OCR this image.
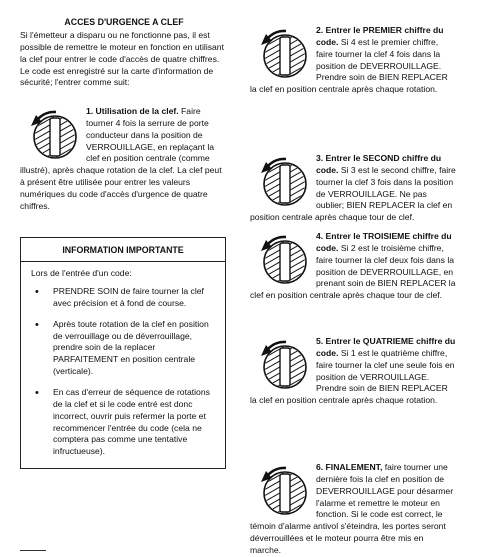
ACCES D'URGENCE A CLEF

Si l'émetteur a disparu ou ne fonctionne pas, il est possible de remettre le moteur en fonction en utilisant la clef pour entrer le code d'accès de quatre chiffres. Le code est enregistré sur la carte d'information de sécurité; l'entrer comme suit:

1. Utilisation de la clef. Faire tourner 4 fois la serrure de porte conducteur dans la position de VERROUILLAGE, en replaçant la clef en position centrale (comme illustré), après chaque rotation de la clef. La clef peut à présent être utilisée pour entrer les valeurs numériques du code d'accès d'urgence de quatre chiffres.

INFORMATION IMPORTANTE
Lors de l'entrée d'un code:
• PRENDRE SOIN de faire tourner la clef avec précision et à fond de course.
• Après toute rotation de la clef en position de verrouillage ou de déverrouillage, prendre soin de la replacer PARFAITEMENT en position centrale (verticale).
• En cas d'erreur de séquence de rotations de la clef et si le code entré est donc incorrect, ouvrir puis refermer la porte et recommencer l'entrée du code (cela ne comptera pas comme une tentative infructueuse).

2. Entrer le PREMIER chiffre du code. Si 4 est le premier chiffre, faire tourner la clef 4 fois dans la position de DEVERROUILLAGE. Prendre soin de BIEN REPLACER la clef en position centrale après chaque rotation.

3. Entrer le SECOND chiffre du code. Si 3 est le second chiffre, faire tourner la clef 3 fois dans la position de VERROUILLAGE. Ne pas oublier; BIEN REPLACER la clef en position centrale après chaque tour de clef.

4. Entrer le TROISIEME chiffre du code. Si 2 est le troisième chiffre, faire tourner la clef deux fois dans la position de DEVERROUILLAGE, en prenant soin de BIEN REPLACER la clef en position centrale après chaque tour de clef.

5. Entrer le QUATRIEME chiffre du code. Si 1 est le quatrième chiffre, faire tourner la clef une seule fois en position de VERROUILLAGE. Prendre soin de BIEN REPLACER la clef en position centrale après chaque rotation.

6. FINALEMENT, faire tourner une dernière fois la clef en position de DEVERROUILLAGE pour désarmer l'alarme et remettre le moteur en fonction. Si le code est correct, le témoin d'alarme antivol s'éteindra, les portes seront déverrouillées et le moteur pourra être mis en marche.
